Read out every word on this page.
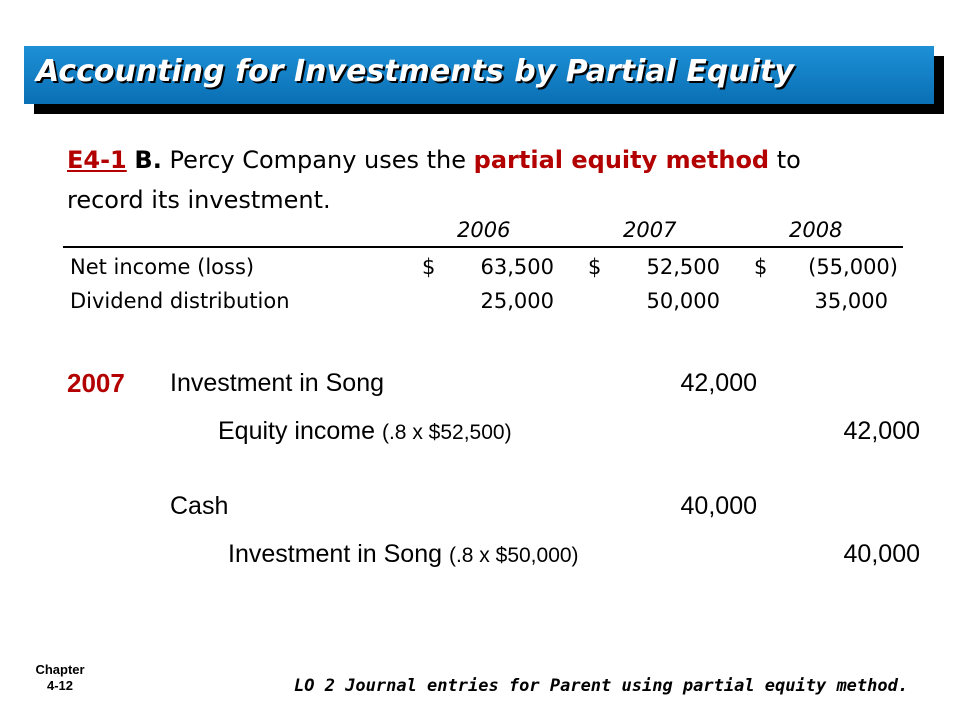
Accounting for Investments by Partial Equity
E4-1 B. Percy Company uses the partial equity method to
record its investment.
2006	2007	2008
Net income (loss)	$	63,500 $	52,500 $	(55,000)
Dividend distribution	25,000	50,000	35,000
2007 Investment in Song	42,000
Equity income (.8 x $52,500)	42,000
Cash	40,000
Investment in Song (.8 x $50,000)	40,000
Chapter
4-12	LO 2 Journal entries for Parent using partial equity method.
